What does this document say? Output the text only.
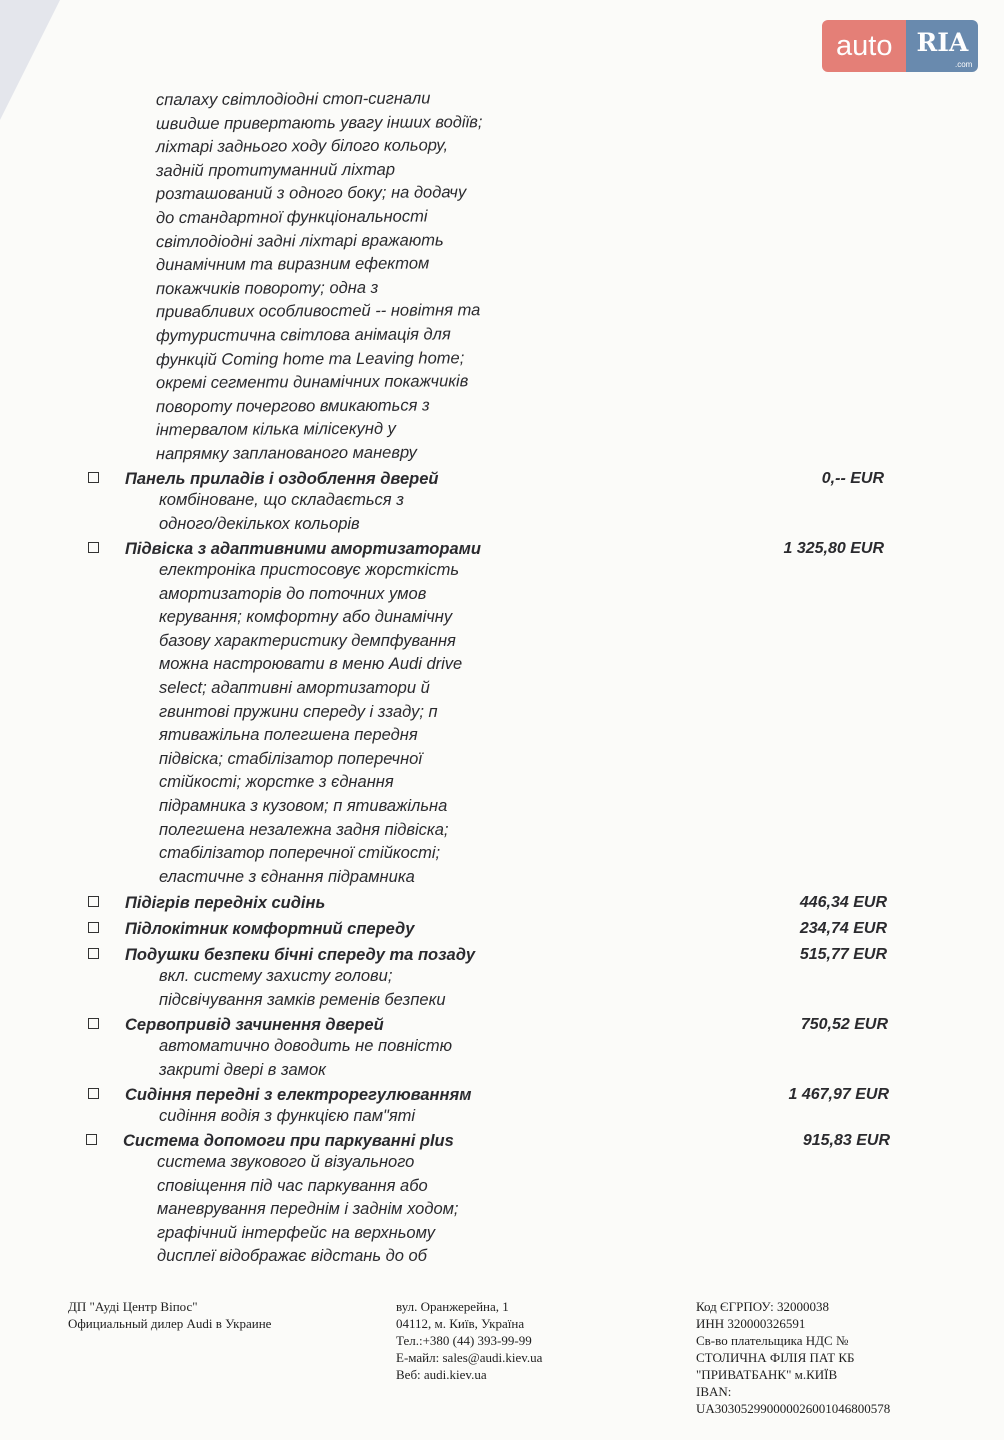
auto RIA
.com
спалаху світлодіодні стоп-сигнали
швидше привертають увагу інших водіїв;
ліхтарі заднього ходу білого кольору,
задній протитуманний ліхтар
розташований з одного боку; на додачу
до стандартної функціональності
світлодіодні задні ліхтарі вражають
динамічним та виразним ефектом
покажчиків повороту; одна з
привабливих особливостей -- новітня та
футуристична світлова анімація для
функцій Coming home та Leaving home;
окремі сегменти динамічних покажчиків
повороту почергово вмикаються з
інтервалом кілька мілісекунд у
напрямку запланованого маневру
Панель приладів і оздоблення дверей	0,-- EUR
комбіноване, що складається з
одного/декількох кольорів
Підвіска з адаптивними амортизаторами	1 325,80 EUR
електроніка пристосовує жорсткість
амортизаторів до поточних умов
керування; комфортну або динамічну
базову характеристику демпфування
можна настроювати в меню Audi drive
select; адаптивні амортизатори й
гвинтові пружини спереду і ззаду; п
ятиважільна полегшена передня
підвіска; стабілізатор поперечної
стійкості; жорстке з єднання
підрамника з кузовом; п ятиважільна
полегшена незалежна задня підвіска;
стабілізатор поперечної стійкості;
еластичне з єднання підрамника
Підігрів передніх сидінь	446,34 EUR
Підлокітник комфортний спереду	234,74 EUR
Подушки безпеки бічні спереду та позаду	515,77 EUR
вкл. систему захисту голови;
підсвічування замків ременів безпеки
Сервопривід зачинення дверей	750,52 EUR
автоматично доводить не повністю
закриті двері в замок
Сидіння передні з електрорегулюванням	1 467,97 EUR
сидіння водія з функцією пам"яті
Система допомоги при паркуванні plus	915,83 EUR
система звукового й візуального
сповіщення під час паркування або
маневрування переднім і заднім ходом;
графічний інтерфейс на верхньому
дисплеї відображає відстань до об
ДП "Ауді Центр Віпос"
Официальный дилер Audi в Украине
вул. Оранжерейна, 1
04112, м. Київ, Україна
Тел.:+380 (44) 393-99-99
E-майл: sales@audi.kiev.ua
Веб: audi.kiev.ua
Код ЄГРПОУ: 32000038
ИНН 320000326591
Св-во плательщика НДС №
СТОЛИЧНА ФІЛІЯ ПАТ КБ
"ПРИВАТБАНК" м.КИЇВ
IBAN:
UA303052990000026001046800578
